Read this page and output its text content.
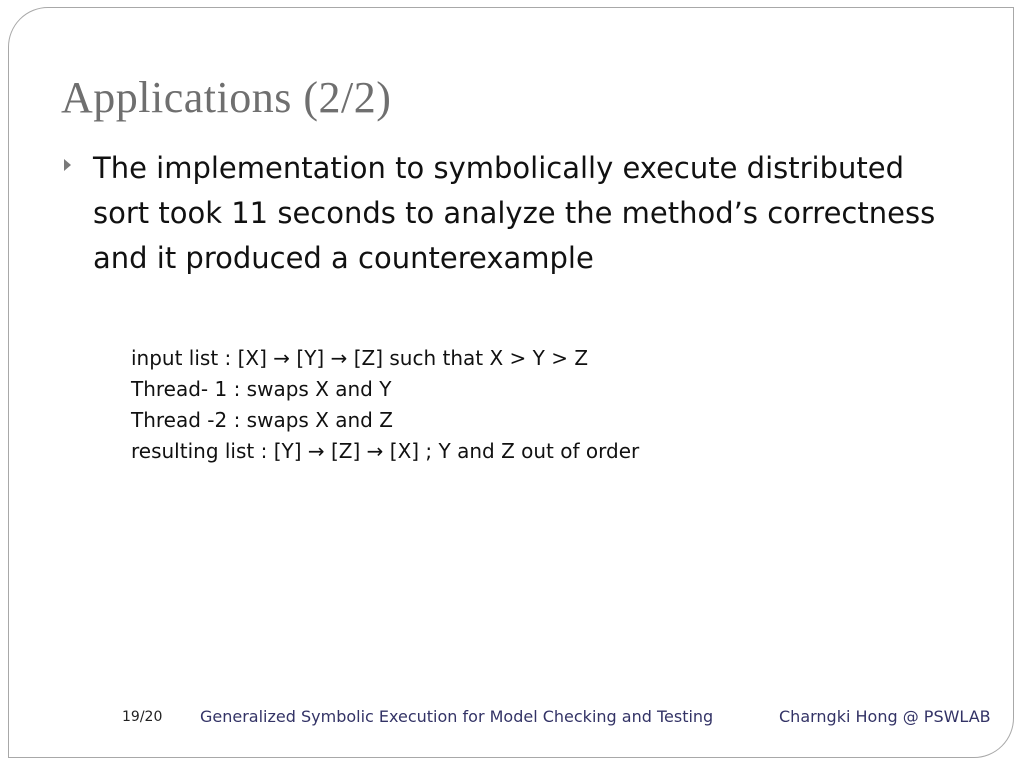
Applications (2/2)
The implementation to symbolically execute distributed sort took 11 seconds to analyze the method’s correctness and it produced a counterexample
input list : [X] → [Y] → [Z] such that X > Y > Z
Thread- 1 : swaps X and Y
Thread -2 : swaps X and Z
resulting list : [Y] → [Z] → [X] ; Y and Z out of order
19/20 Generalized Symbolic Execution for Model Checking and Testing	Charngki Hong @ PSWLAB
